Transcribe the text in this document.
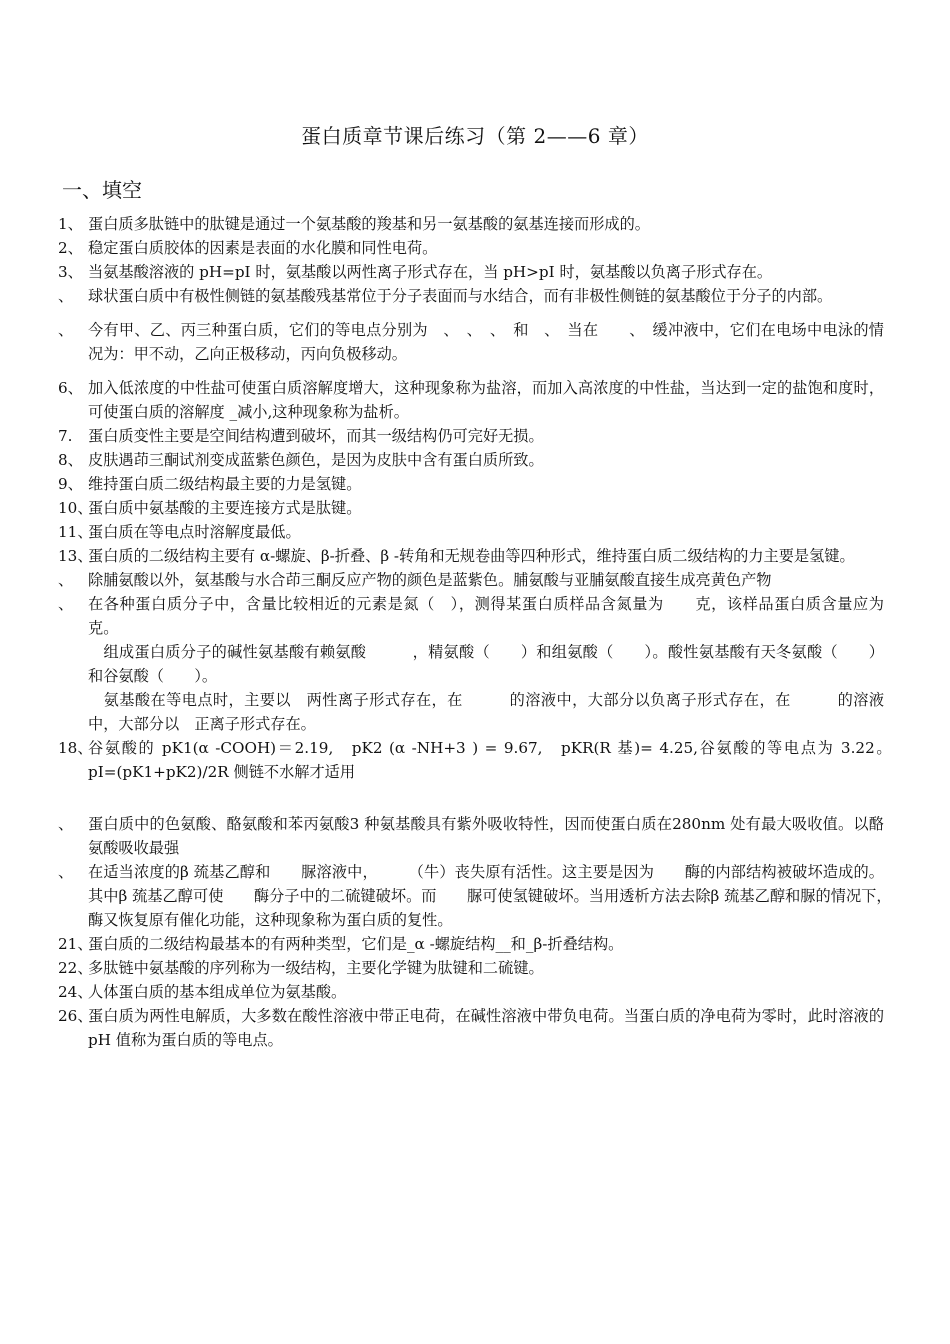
蛋白质章节课后练习（第 2——6 章）
一、填空
1、 蛋白质多肽链中的肽键是通过一个氨基酸的羧基和另一氨基酸的氨基连接而形成的。
2、 稳定蛋白质胶体的因素是表面的水化膜和同性电荷。
3、 当氨基酸溶液的 pH=pI 时，氨基酸以两性离子形式存在，当 pH>pI 时，氨基酸以负离子形式存在。
、 球状蛋白质中有极性侧链的氨基酸残基常位于分子表面而与水结合，而有非极性侧链的氨基酸位于分子的内部。
、 今有甲、乙、丙三种蛋白质，它们的等电点分别为　、　、　、　和　、　当在　　、　缓冲液中，它们在电场中电泳的情况为：甲不动，乙向正极移动，丙向负极移动。
6、 加入低浓度的中性盐可使蛋白质溶解度增大，这种现象称为盐溶，而加入高浓度的中性盐，当达到一定的盐饱和度时，可使蛋白质的溶解度 _减小,这种现象称为盐析。
7.	蛋白质变性主要是空间结构遭到破坏，而其一级结构仍可完好无损。
8、 皮肤遇茚三酮试剂变成蓝紫色颜色，是因为皮肤中含有蛋白质所致。
9、 维持蛋白质二级结构最主要的力是氢键。
10、
蛋白质中氨基酸的主要连接方式是肽键。
11、
蛋白质在等电点时溶解度最低。
13、
蛋白质的二级结构主要有 α-螺旋、β-折叠、β -转角和无规卷曲等四种形式，维持蛋白质二级结构的力主要是氢键。
、 除脯氨酸以外，氨基酸与水合茚三酮反应产物的颜色是蓝紫色。脯氨酸与亚脯氨酸直接生成亮黄色产物
、 在各种蛋白质分子中，含量比较相近的元素是氮（　），测得某蛋白质样品含氮量为　　克，该样品蛋白质含量应为　　克。
　组成蛋白质分子的碱性氨基酸有赖氨酸　　　，精氨酸（　　）和组氨酸（　　）。酸性氨基酸有天冬氨酸（　　）和谷氨酸（　　）。
　氨基酸在等电点时，主要以　两性离子形式存在，在　　　的溶液中，大部分以负离子形式存在，在　　　的溶液中，大部分以　正离子形式存在。
18、
谷氨酸的 pK1(α -COOH)＝2.19,　pK2 (α -NH+3 ) = 9.67,　pKR(R 基)= 4.25,谷氨酸的等电点为 3.22。　　pI=(pK1+pK2)/2R 侧链不水解才适用
、 蛋白质中的色氨酸、酪氨酸和苯丙氨酸3 种氨基酸具有紫外吸收特性，因而使蛋白质在280nm 处有最大吸收值。以酪氨酸吸收最强
、 在适当浓度的β 巯基乙醇和　　脲溶液中，　　　（牛）丧失原有活性。这主要是因为　　酶的内部结构被破坏造成的。其中β 巯基乙醇可使　　酶分子中的二硫键破坏。而　　脲可使氢键破坏。当用透析方法去除β 巯基乙醇和脲的情况下，　　酶又恢复原有催化功能，这种现象称为蛋白质的复性。
21、
蛋白质的二级结构最基本的有两种类型，它们是_α -螺旋结构__和_β-折叠结构。
22、
多肽链中氨基酸的序列称为一级结构，主要化学键为肽键和二硫键。
24、
人体蛋白质的基本组成单位为氨基酸。
26、
蛋白质为两性电解质，大多数在酸性溶液中带正电荷，在碱性溶液中带负电荷。当蛋白质的净电荷为零时，此时溶液的 pH 值称为蛋白质的等电点。
